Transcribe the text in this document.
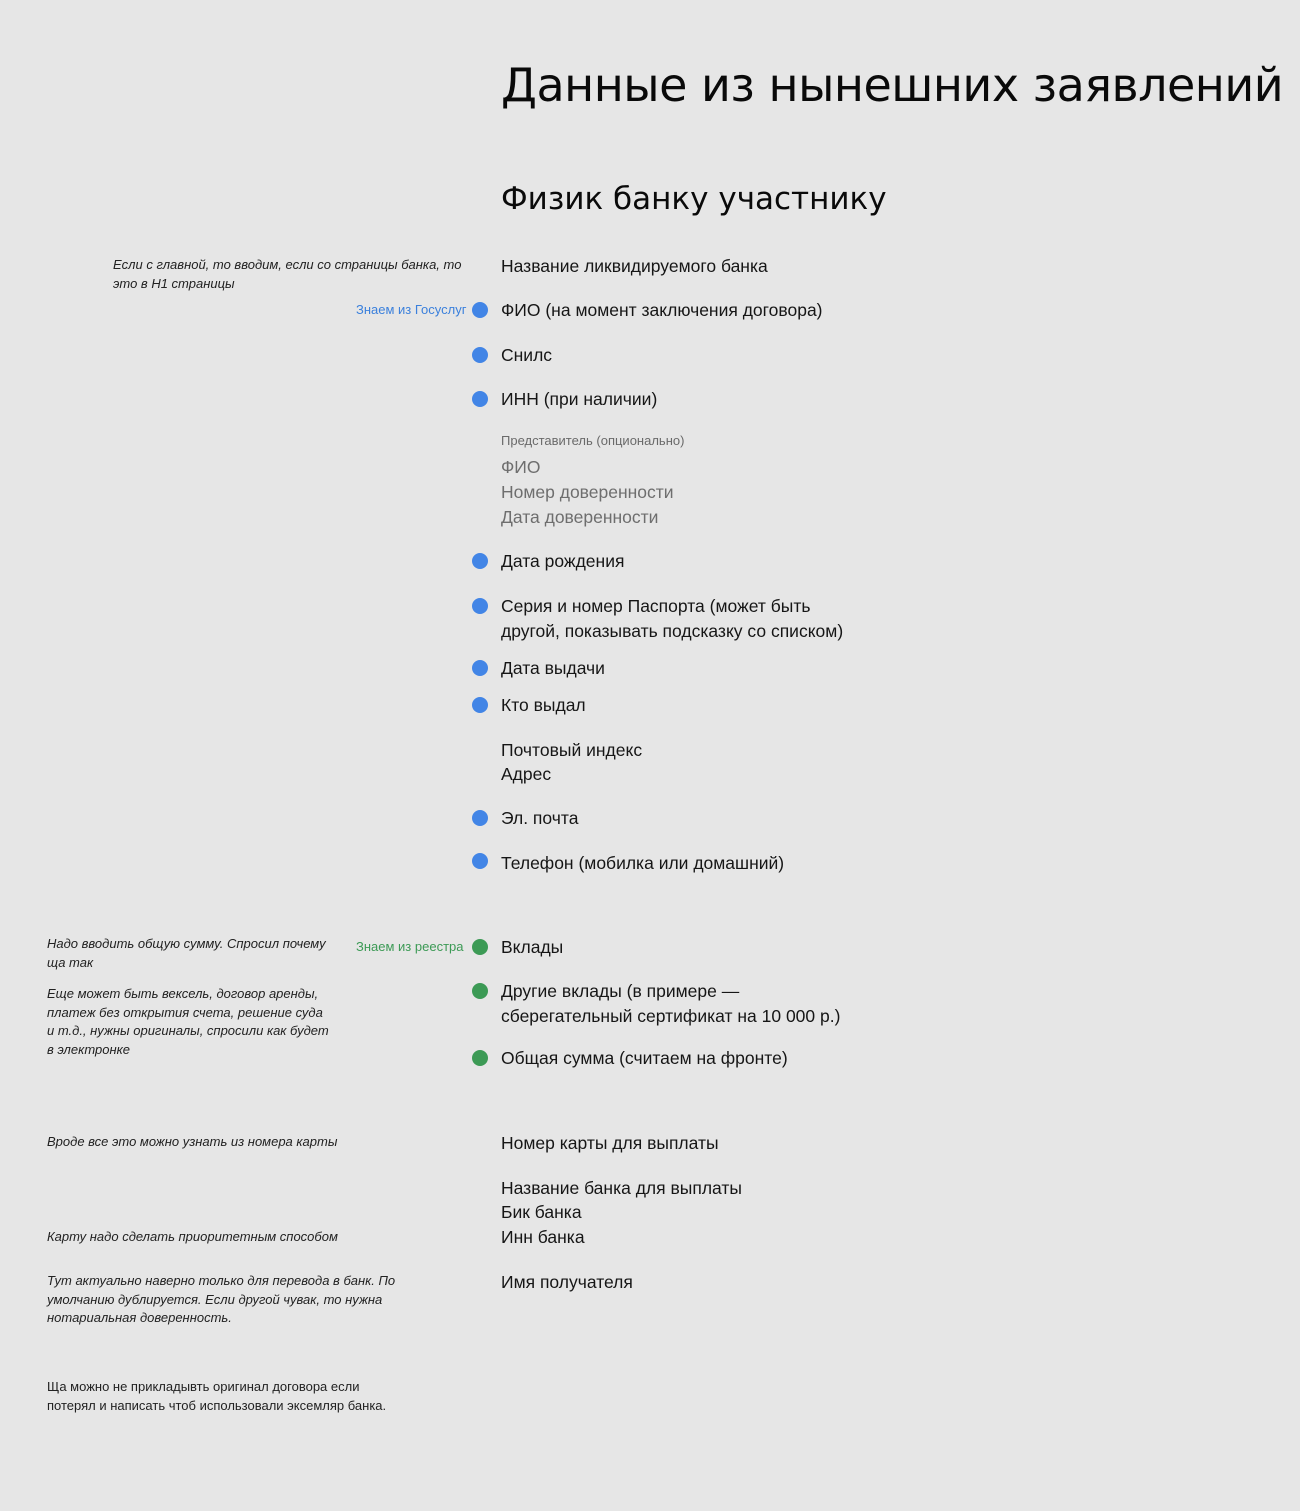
Данные из нынешних заявлений
Физик банку участнику
Если с главной, то вводим, если со страницы банка, то
это в H1 страницы
Надо вводить общую сумму. Спросил почему
ща так
Еще может быть вексель, договор аренды,
платеж без открытия счета, решение суда
и т.д., нужны оригиналы, спросили как будет
в электронке
Вроде все это можно узнать из номера карты
Карту надо сделать приоритетным способом
Тут актуально наверно только для перевода в банк. По
умолчанию дублируется. Если другой чувак, то нужна
нотариальная доверенность.
Ща можно не прикладывть оригинал договора если
потерял и написать чтоб использовали эксемляр банка.
Знаем из Госуслуг
Знаем из реестра
Название ликвидируемого банка
ФИО (на момент заключения договора)
Снилс
ИНН (при наличии)
Представитель (опционально)
ФИО
Номер доверенности
Дата доверенности
Дата рождения
Серия и номер Паспорта (может быть
другой, показывать подсказку со списком)
Дата выдачи
Кто выдал
Почтовый индекс
Адрес
Эл. почта
Телефон (мобилка или домашний)
Вклады
Другие вклады (в примере —
сберегательный сертификат на 10 000 р.)
Общая сумма (считаем на фронте)
Номер карты для выплаты
Название банка для выплаты
Бик банка
Инн банка
Имя получателя
